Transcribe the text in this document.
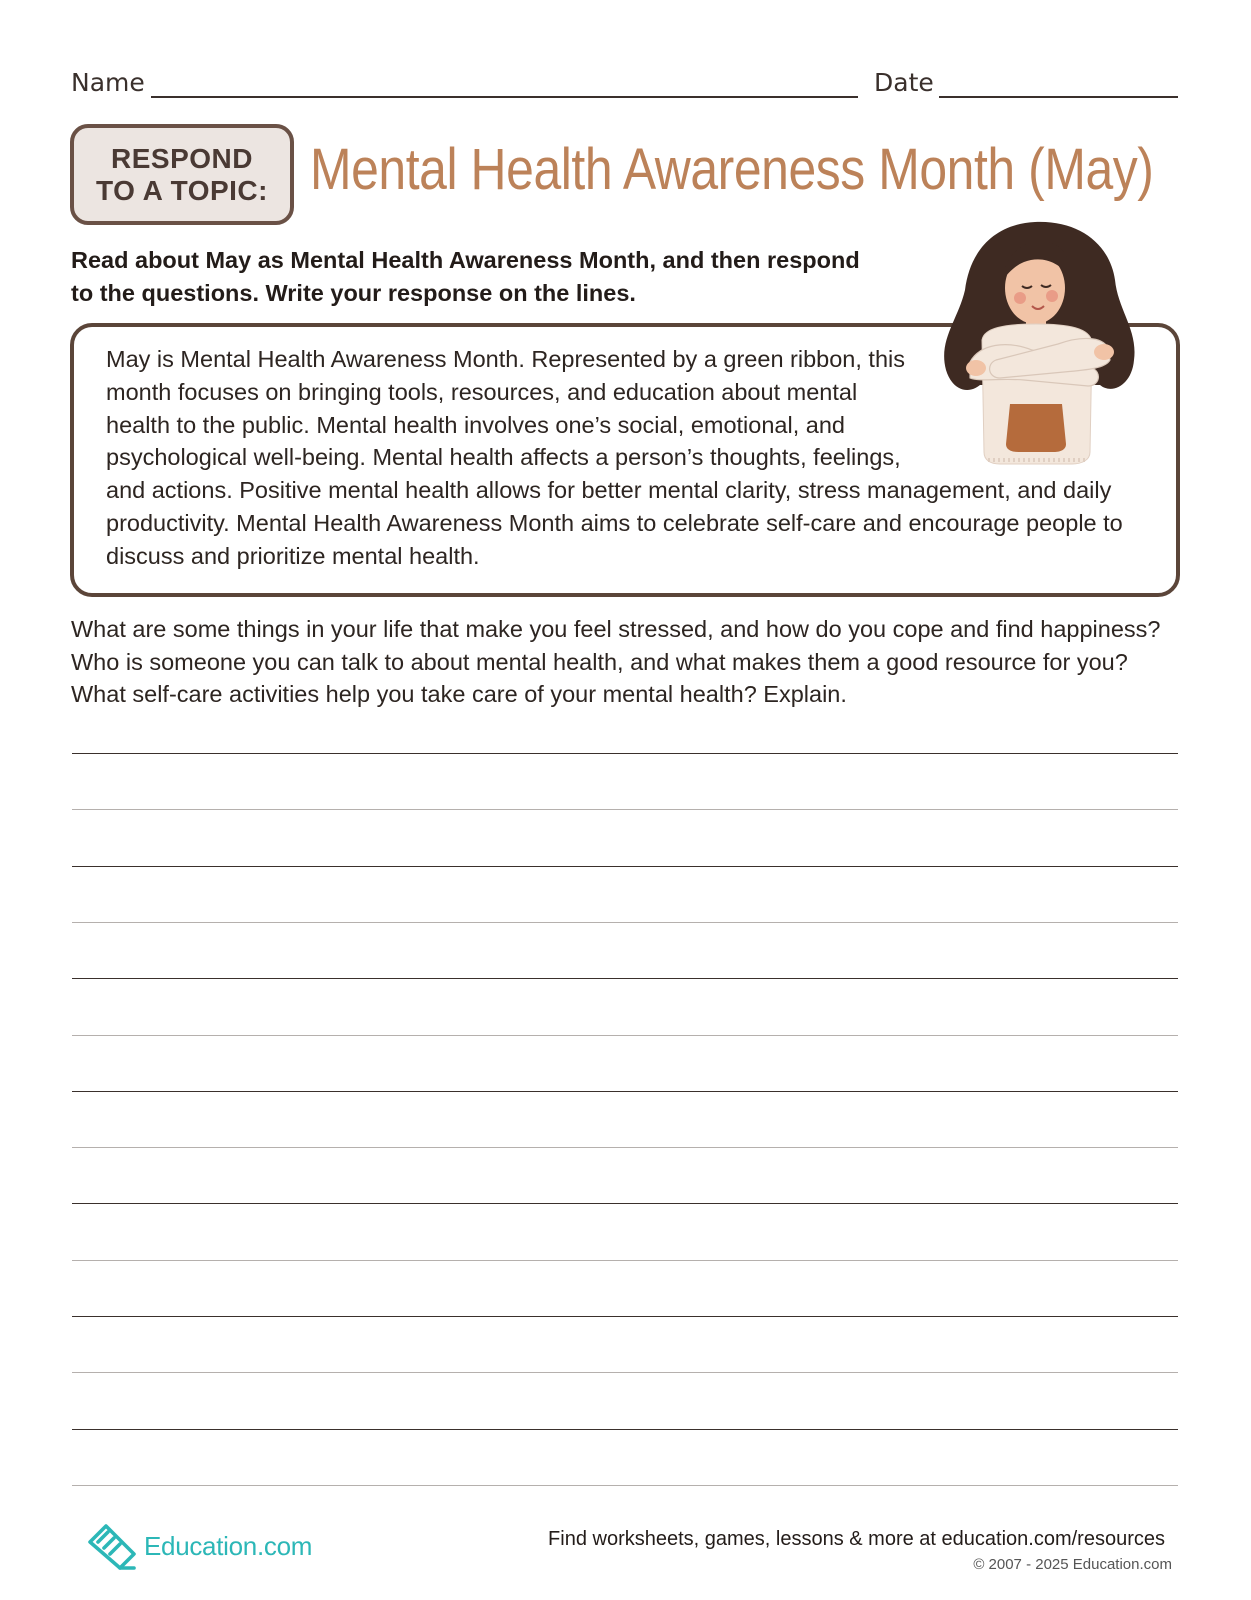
Name	Date
RESPOND
TO A TOPIC: Mental Health Awareness Month (May)
Read about May as Mental Health Awareness Month, and then respond to the questions. Write your response on the lines.
May is Mental Health Awareness Month. Represented by a green ribbon, this month focuses on bringing tools, resources, and education about mental health to the public. Mental health involves one’s social, emotional, and psychological well-being. Mental health affects a person’s thoughts, feelings, and actions. Positive mental health allows for better mental clarity, stress management, and daily productivity. Mental Health Awareness Month aims to celebrate self-care and encourage people to discuss and prioritize mental health.
What are some things in your life that make you feel stressed, and how do you cope and find happiness? Who is someone you can talk to about mental health, and what makes them a good resource for you? What self-care activities help you take care of your mental health? Explain.
Education.com	Find worksheets, games, lessons & more at education.com/resources
© 2007 - 2025 Education.com
